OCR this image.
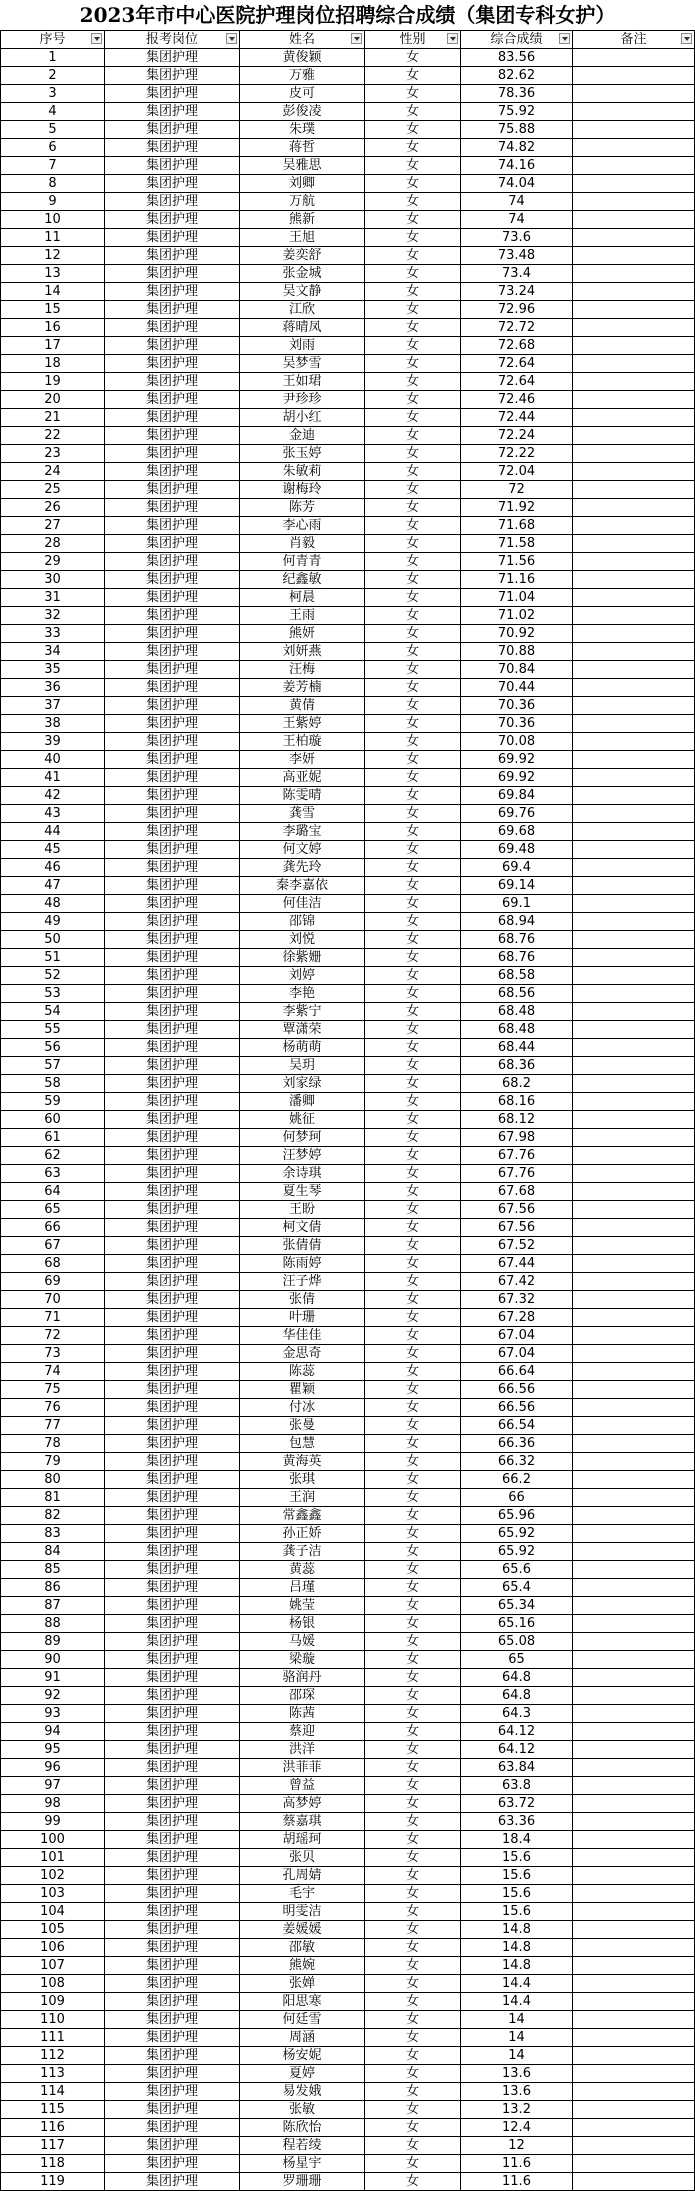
2023年市中心医院护理岗位招聘综合成绩（集团专科女护）
序号	报考岗位	姓名	性别	综合成绩	备注

1	集团护理	黄俊颖	女	83.56	
2	集团护理	万雅	女	82.62	
3	集团护理	皮可	女	78.36	
4	集团护理	彭俊凌	女	75.92	
5	集团护理	朱璞	女	75.88	
6	集团护理	蒋哲	女	74.82	
7	集团护理	吴雅思	女	74.16	
8	集团护理	刘卿	女	74.04	
9	集团护理	万航	女	74	
10	集团护理	熊新	女	74	
11	集团护理	王旭	女	73.6	
12	集团护理	姜奕舒	女	73.48	
13	集团护理	张金城	女	73.4	
14	集团护理	吴文静	女	73.24	
15	集团护理	江欣	女	72.96	
16	集团护理	蒋晴凤	女	72.72	
17	集团护理	刘雨	女	72.68	
18	集团护理	吴梦雪	女	72.64	
19	集团护理	王如珺	女	72.64	
20	集团护理	尹珍珍	女	72.46	
21	集团护理	胡小红	女	72.44	
22	集团护理	金迪	女	72.24	
23	集团护理	张玉婷	女	72.22	
24	集团护理	朱敏莉	女	72.04	
25	集团护理	谢梅玲	女	72	
26	集团护理	陈芳	女	71.92	
27	集团护理	李心雨	女	71.68	
28	集团护理	肖毅	女	71.58	
29	集团护理	何青青	女	71.56	
30	集团护理	纪鑫敏	女	71.16	
31	集团护理	柯晨	女	71.04	
32	集团护理	王雨	女	71.02	
33	集团护理	熊妍	女	70.92	
34	集团护理	刘妍燕	女	70.88	
35	集团护理	汪梅	女	70.84	
36	集团护理	姜芳楠	女	70.44	
37	集团护理	黄倩	女	70.36	
38	集团护理	王紫婷	女	70.36	
39	集团护理	王柏璇	女	70.08	
40	集团护理	李妍	女	69.92	
41	集团护理	高亚妮	女	69.92	
42	集团护理	陈雯晴	女	69.84	
43	集团护理	龚雪	女	69.76	
44	集团护理	李璐宝	女	69.68	
45	集团护理	何文婷	女	69.48	
46	集团护理	龚先玲	女	69.4	
47	集团护理	秦李嘉依	女	69.14	
48	集团护理	何佳洁	女	69.1	
49	集团护理	邵锦	女	68.94	
50	集团护理	刘悦	女	68.76	
51	集团护理	徐紫姗	女	68.76	
52	集团护理	刘婷	女	68.58	
53	集团护理	李艳	女	68.56	
54	集团护理	李紫宁	女	68.48	
55	集团护理	覃潇荣	女	68.48	
56	集团护理	杨萌萌	女	68.44	
57	集团护理	吴玥	女	68.36	
58	集团护理	刘家绿	女	68.2	
59	集团护理	潘卿	女	68.16	
60	集团护理	姚征	女	68.12	
61	集团护理	何梦珂	女	67.98	
62	集团护理	汪梦婷	女	67.76	
63	集团护理	余诗琪	女	67.76	
64	集团护理	夏生琴	女	67.68	
65	集团护理	王盼	女	67.56	
66	集团护理	柯文倩	女	67.56	
67	集团护理	张倩倩	女	67.52	
68	集团护理	陈雨婷	女	67.44	
69	集团护理	汪子烨	女	67.42	
70	集团护理	张倩	女	67.32	
71	集团护理	叶珊	女	67.28	
72	集团护理	华佳佳	女	67.04	
73	集团护理	金思奇	女	67.04	
74	集团护理	陈蕊	女	66.64	
75	集团护理	瞿颖	女	66.56	
76	集团护理	付冰	女	66.56	
77	集团护理	张曼	女	66.54	
78	集团护理	包慧	女	66.36	
79	集团护理	黄海英	女	66.32	
80	集团护理	张琪	女	66.2	
81	集团护理	王润	女	66	
82	集团护理	常鑫鑫	女	65.96	
83	集团护理	孙正娇	女	65.92	
84	集团护理	龚子洁	女	65.92	
85	集团护理	黄蕊	女	65.6	
86	集团护理	吕瑾	女	65.4	
87	集团护理	姚莹	女	65.34	
88	集团护理	杨银	女	65.16	
89	集团护理	马媛	女	65.08	
90	集团护理	梁璇	女	65	
91	集团护理	骆润丹	女	64.8	
92	集团护理	邵琛	女	64.8	
93	集团护理	陈茜	女	64.3	
94	集团护理	蔡迎	女	64.12	
95	集团护理	洪洋	女	64.12	
96	集团护理	洪菲菲	女	63.84	
97	集团护理	曾益	女	63.8	
98	集团护理	高梦婷	女	63.72	
99	集团护理	蔡嘉琪	女	63.36	
100	集团护理	胡瑶珂	女	18.4	
101	集团护理	张贝	女	15.6	
102	集团护理	孔周婧	女	15.6	
103	集团护理	毛宇	女	15.6	
104	集团护理	明雯洁	女	15.6	
105	集团护理	姜媛媛	女	14.8	
106	集团护理	邵敏	女	14.8	
107	集团护理	熊婉	女	14.8	
108	集团护理	张婵	女	14.4	
109	集团护理	阳思寒	女	14.4	
110	集团护理	何廷雪	女	14	
111	集团护理	周涵	女	14	
112	集团护理	杨安妮	女	14	
113	集团护理	夏婷	女	13.6	
114	集团护理	易发娥	女	13.6	
115	集团护理	张敏	女	13.2	
116	集团护理	陈欣怡	女	12.4	
117	集团护理	程若绫	女	12	
118	集团护理	杨星宇	女	11.6	
119	集团护理	罗珊珊	女	11.6	
